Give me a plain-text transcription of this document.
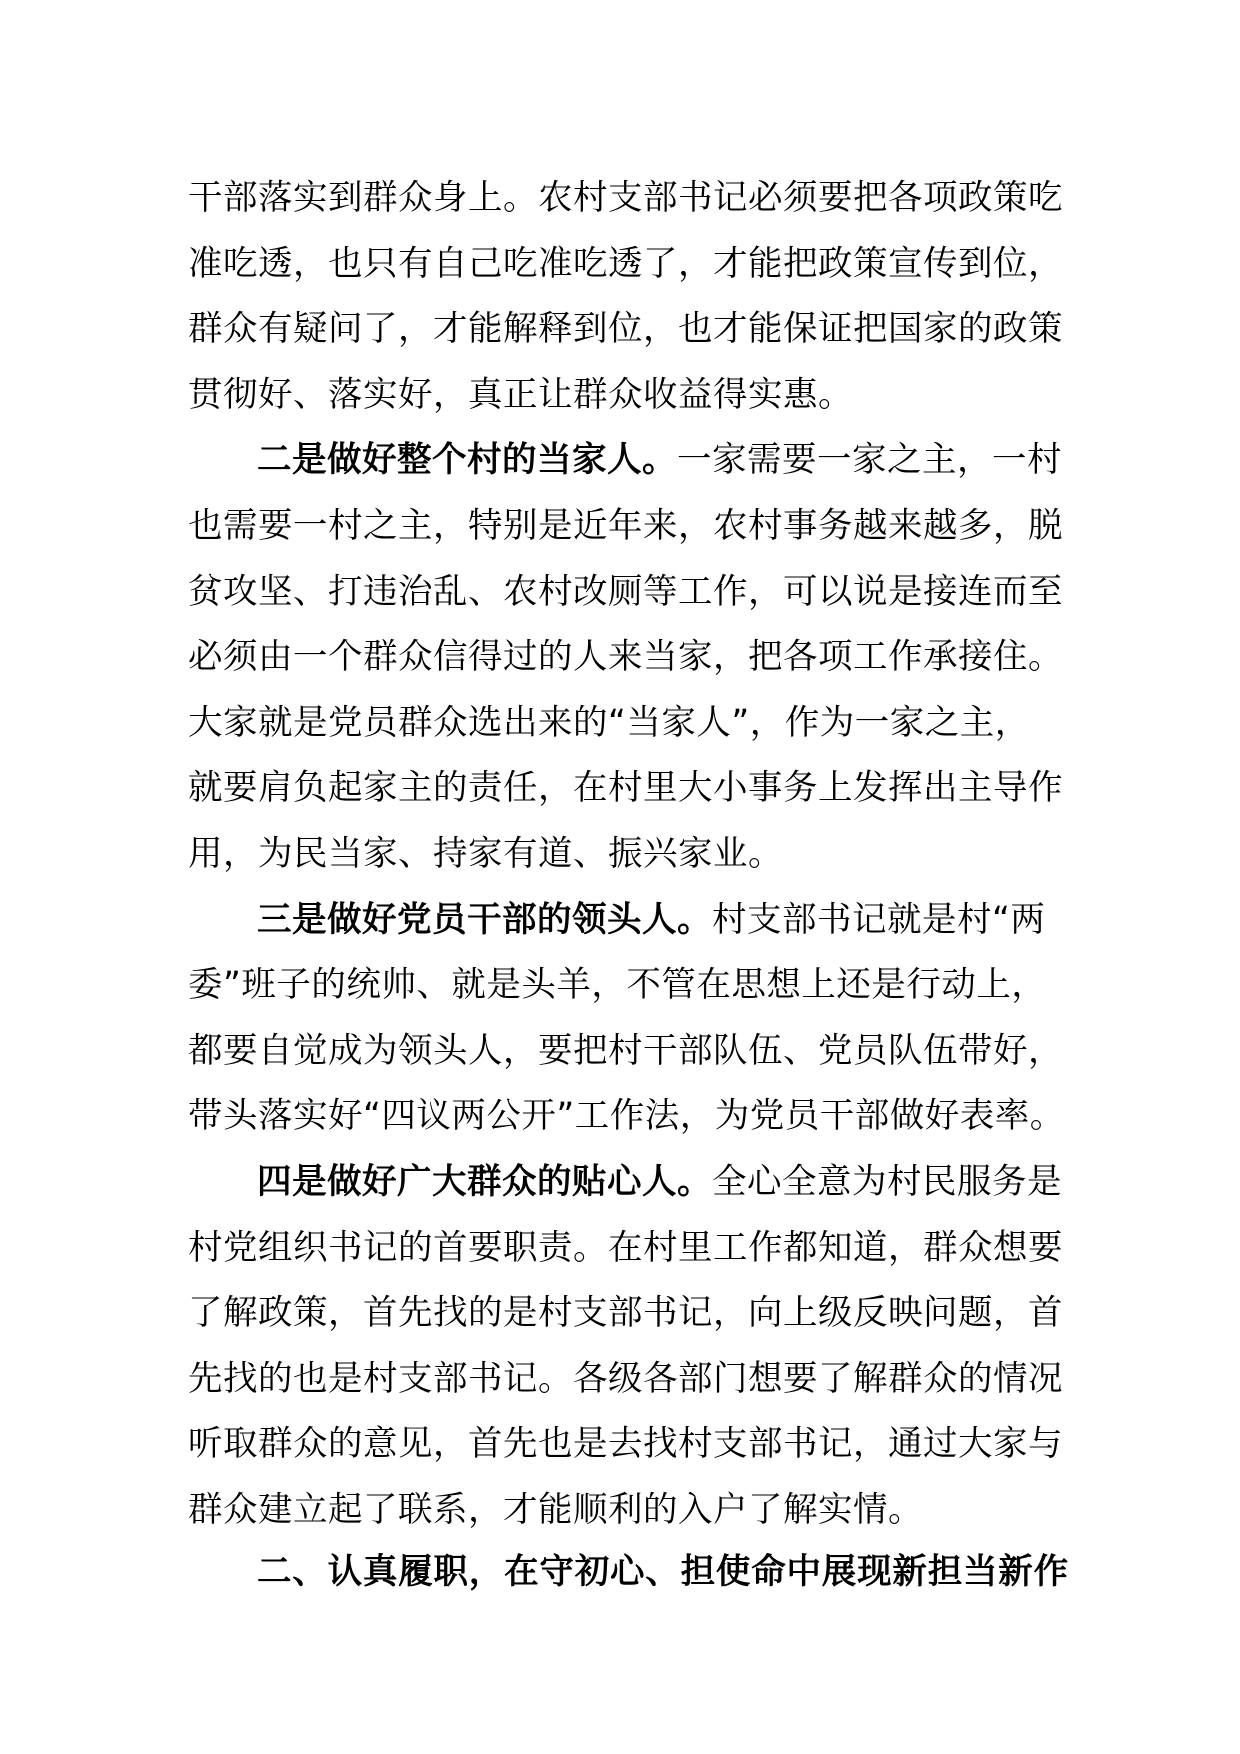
干部落实到群众身上。农村支部书记必须要把各项政策吃
准吃透，也只有自己吃准吃透了，才能把政策宣传到位，
群众有疑问了，才能解释到位，也才能保证把国家的政策
贯彻好、落实好，真正让群众收益得实惠。
二是做好整个村的当家人。一家需要一家之主，一村
也需要一村之主，特别是近年来，农村事务越来越多，脱
贫攻坚、打违治乱、农村改厕等工作，可以说是接连而至
必须由一个群众信得过的人来当家，把各项工作承接住。
大家就是党员群众选出来的“当家人”，作为一家之主，
就要肩负起家主的责任，在村里大小事务上发挥出主导作
用，为民当家、持家有道、振兴家业。
三是做好党员干部的领头人。村支部书记就是村“两
委”班子的统帅、就是头羊，不管在思想上还是行动上，
都要自觉成为领头人，要把村干部队伍、党员队伍带好，
带头落实好“四议两公开”工作法，为党员干部做好表率。
四是做好广大群众的贴心人。全心全意为村民服务是
村党组织书记的首要职责。在村里工作都知道，群众想要
了解政策，首先找的是村支部书记，向上级反映问题，首
先找的也是村支部书记。各级各部门想要了解群众的情况
听取群众的意见，首先也是去找村支部书记，通过大家与
群众建立起了联系，才能顺利的入户了解实情。
二、认真履职，在守初心、担使命中展现新担当新作
